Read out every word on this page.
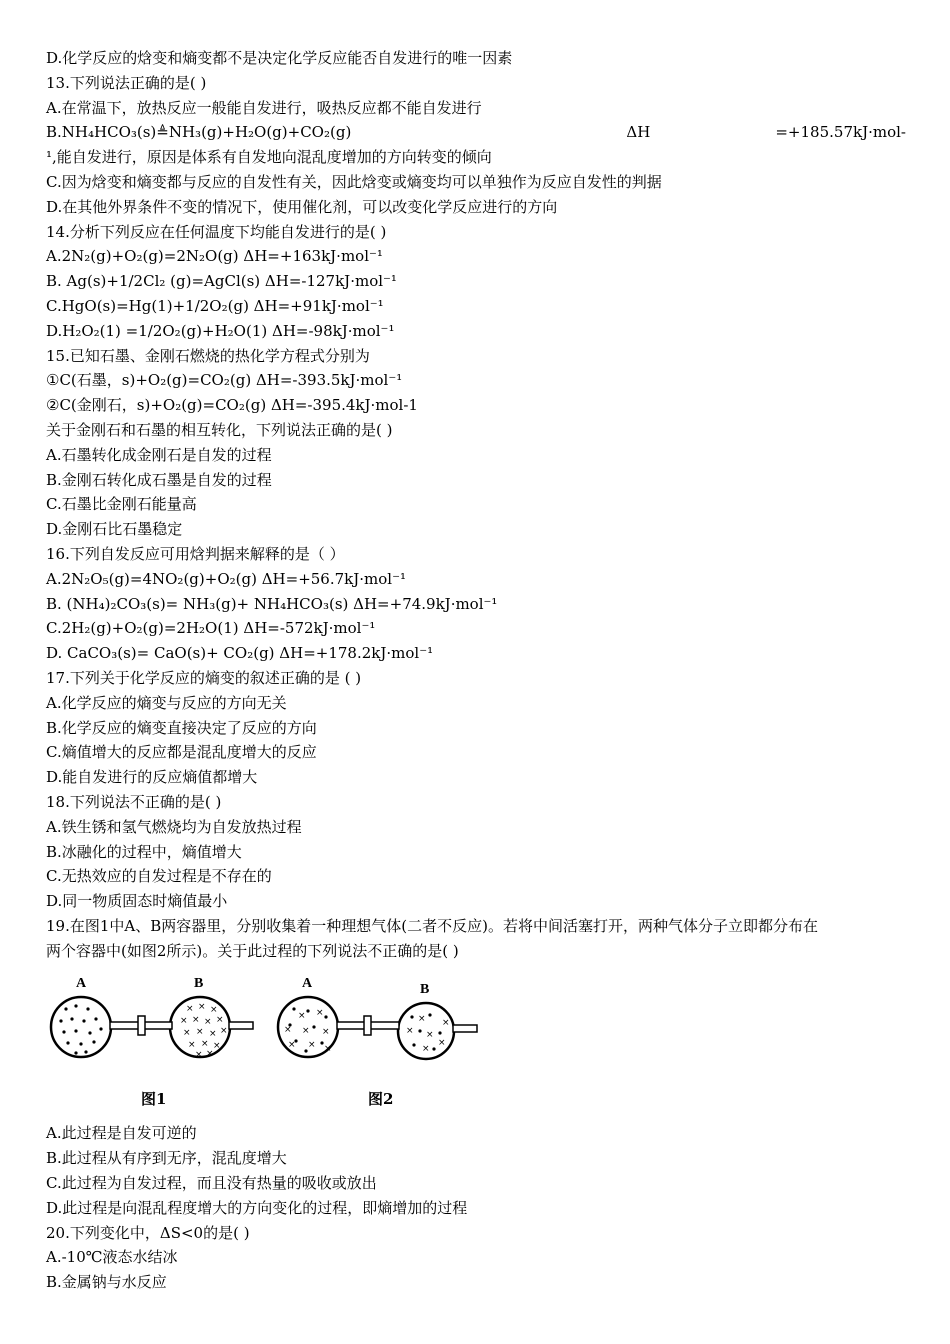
D.化学反应的焓变和熵变都不是决定化学反应能否自发进行的唯一因素
13.下列说法正确的是( )
A.在常温下，放热反应一般能自发进行，吸热反应都不能自发进行
B.NH₄HCO₃(s)≜NH₃(g)+H₂O(g)+CO₂(g)	ΔH	=+185.57kJ·mol-
¹,能自发进行，原因是体系有自发地向混乱度增加的方向转变的倾向
C.因为焓变和熵变都与反应的自发性有关，因此焓变或熵变均可以单独作为反应自发性的判据
D.在其他外界条件不变的情况下，使用催化剂，可以改变化学反应进行的方向
14.分析下列反应在任何温度下均能自发进行的是( )
A.2N₂(g)+O₂(g)=2N₂O(g) ΔH=+163kJ·mol⁻¹
B. Ag(s)+1/2Cl₂ (g)=AgCl(s) ΔH=-127kJ·mol⁻¹
C.HgO(s)=Hg(1)+1/2O₂(g) ΔH=+91kJ·mol⁻¹
D.H₂O₂(1) =1/2O₂(g)+H₂O(1) ΔH=-98kJ·mol⁻¹
15.已知石墨、金刚石燃烧的热化学方程式分别为
①C(石墨，s)+O₂(g)=CO₂(g) ΔH=-393.5kJ·mol⁻¹
②C(金刚石，s)+O₂(g)=CO₂(g) ΔH=-395.4kJ·mol-1
关于金刚石和石墨的相互转化，下列说法正确的是( )
A.石墨转化成金刚石是自发的过程
B.金刚石转化成石墨是自发的过程
C.石墨比金刚石能量高
D.金刚石比石墨稳定
16.下列自发反应可用焓判据来解释的是（ ）
A.2N₂O₅(g)=4NO₂(g)+O₂(g) ΔH=+56.7kJ·mol⁻¹
B. (NH₄)₂CO₃(s)= NH₃(g)+ NH₄HCO₃(s) ΔH=+74.9kJ·mol⁻¹
C.2H₂(g)+O₂(g)=2H₂O(1) ΔH=-572kJ·mol⁻¹
D. CaCO₃(s)= CaO(s)+ CO₂(g) ΔH=+178.2kJ·mol⁻¹
17.下列关于化学反应的熵变的叙述正确的是 ( )
A.化学反应的熵变与反应的方向无关
B.化学反应的熵变直接决定了反应的方向
C.熵值增大的反应都是混乱度增大的反应
D.能自发进行的反应熵值都增大
18.下列说法不正确的是( )
A.铁生锈和氢气燃烧均为自发放热过程
B.冰融化的过程中，熵值增大
C.无热效应的自发过程是不存在的
D.同一物质固态时熵值最小
19.在图1中A、B两容器里，分别收集着一种理想气体(二者不反应)。若将中间活塞打开，两种气体分子立即都分布在
两个容器中(如图2所示)。关于此过程的下列说法不正确的是( )
A	B
× × ×
× × × ×
× × × ×
× × ×
× ×
图1
A	B
× ×
× × ×
× × ×
×
× ×
×
×
×
图2
A.此过程是自发可逆的
B.此过程从有序到无序，混乱度增大
C.此过程为自发过程，而且没有热量的吸收或放出
D.此过程是向混乱程度增大的方向变化的过程，即熵增加的过程
20.下列变化中，ΔS<0的是( )
A.-10℃液态水结冰
B.金属钠与水反应
